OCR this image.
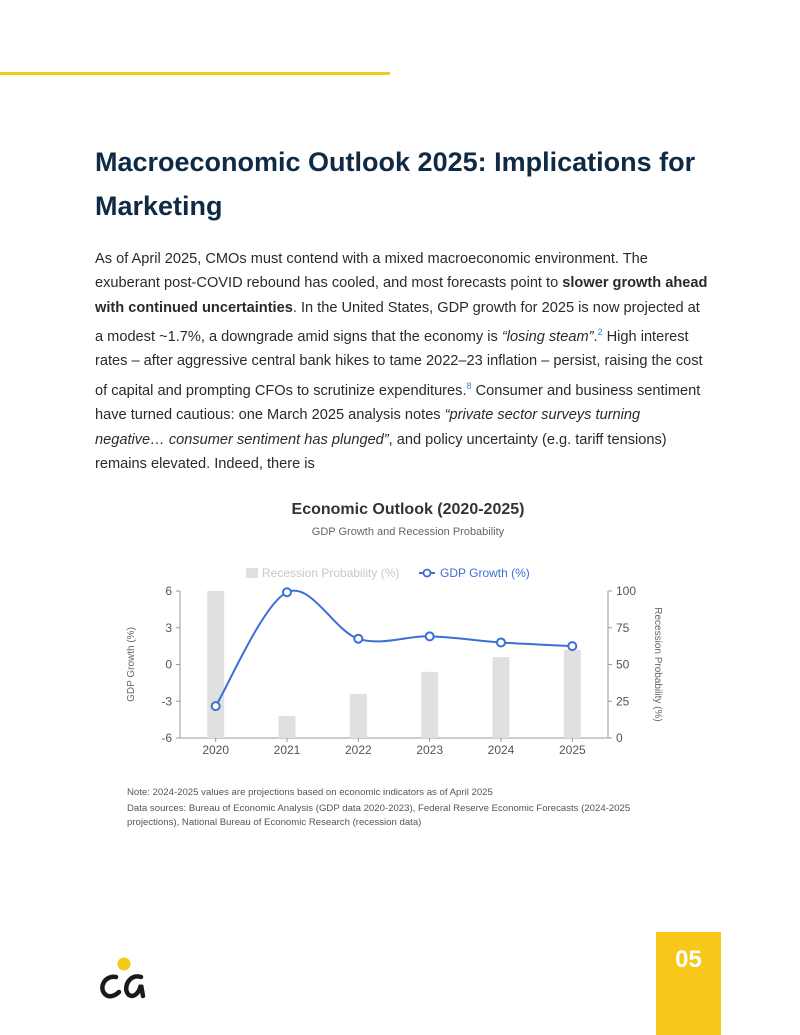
Macroeconomic Outlook 2025: Implications for Marketing

As of April 2025, CMOs must contend with a mixed macroeconomic environment. The exuberant post-COVID rebound has cooled, and most forecasts point to slower growth ahead with continued uncertainties. In the United States, GDP growth for 2025 is now projected at a modest ~1.7%, a downgrade amid signs that the economy is “losing steam”.$^2$ High interest rates – after aggressive central bank hikes to tame 2022–23 inflation – persist, raising the cost of capital and prompting CFOs to scrutinize expenditures.$^8$ Consumer and business sentiment have turned cautious: one March 2025 analysis notes “private sector surveys turning negative… consumer sentiment has plunged”, and policy uncertainty (e.g. tariff tensions) remains elevated. Indeed, there is

Economic Outlook (2020-2025)
GDP Growth and Recession Probability
Recession Probability (%)	GDP Growth (%)
-6
-3
0
3
6
0
25
50
75
100
GDP Growth (%)	Recession Probability (%)
2020	2021	2022	2023	2024	2025

Note: 2024-2025 values are projections based on economic indicators as of April 2025

Data sources: Bureau of Economic Analysis (GDP data 2020-2023), Federal Reserve Economic Forecasts (2024-2025 projections), National Bureau of Economic Research (recession data)

05
